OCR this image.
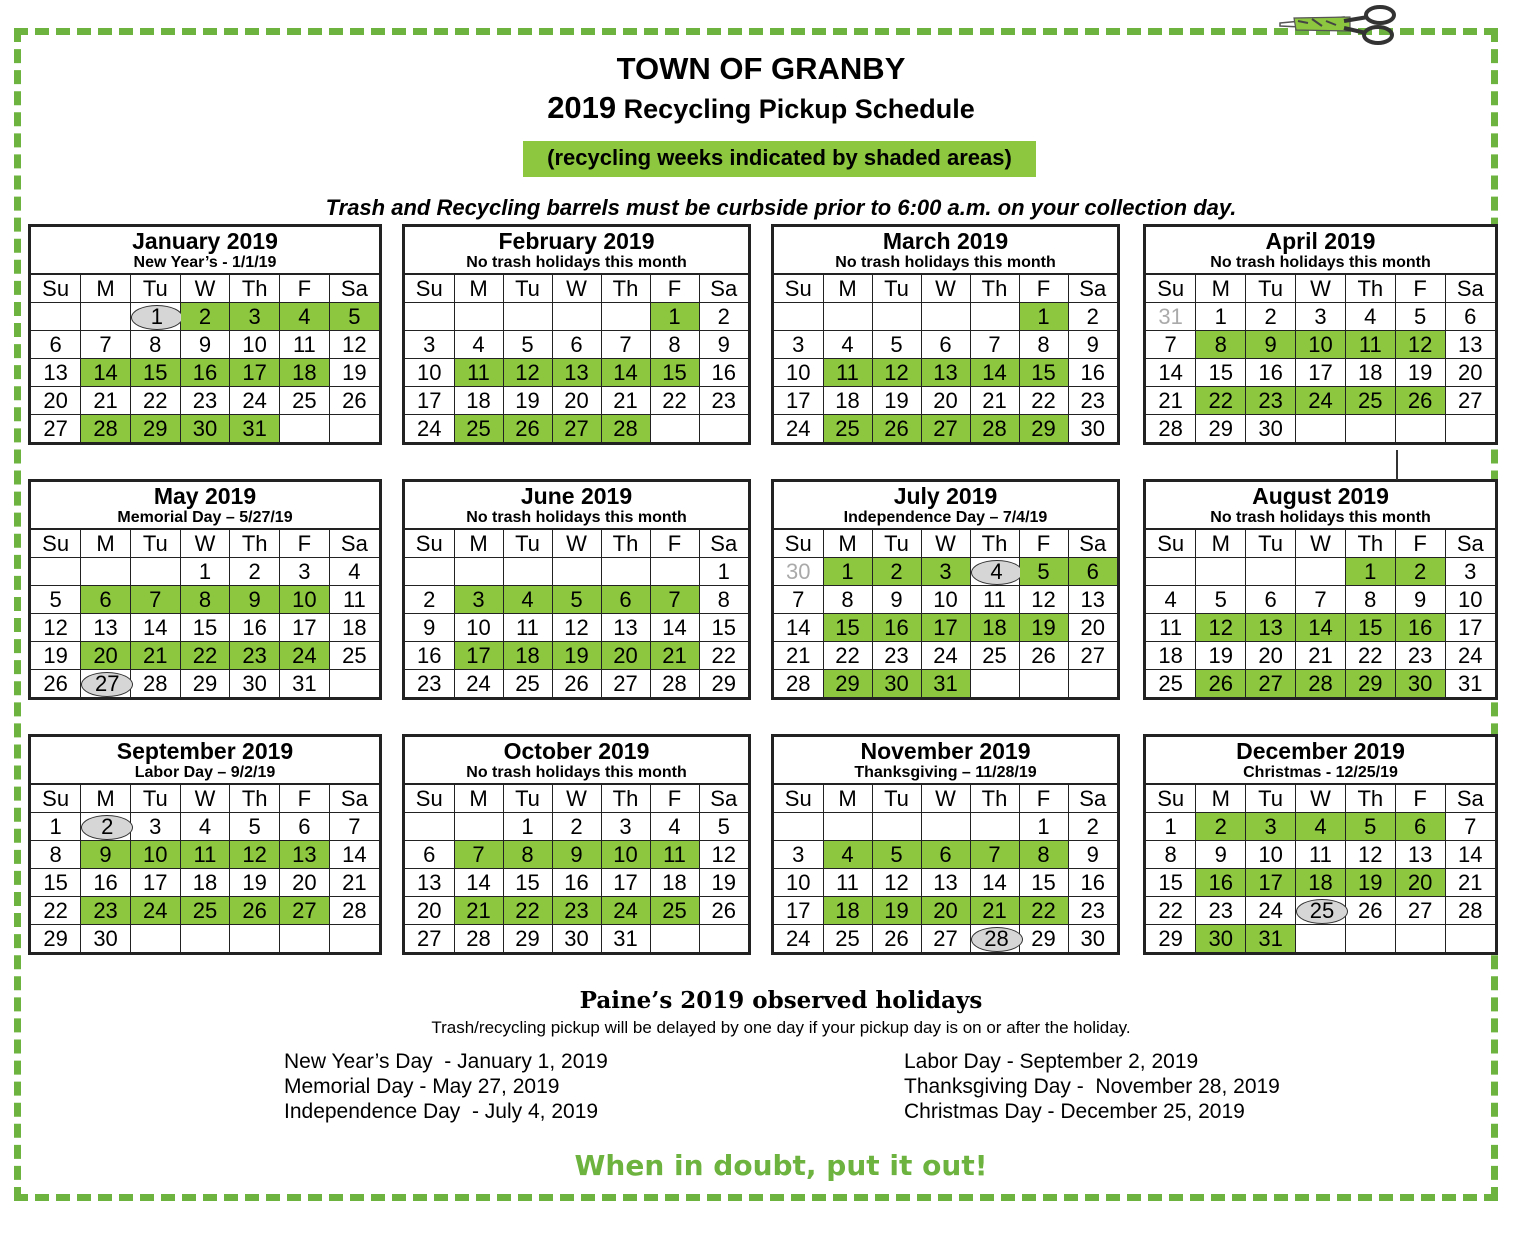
TOWN OF GRANBY
2019 Recycling Pickup Schedule
(recycling weeks indicated by shaded areas)
Trash and Recycling barrels must be curbside prior to 6:00 a.m. on your collection day.
January 2019
New Year’s - 1/1/19
Su	M	Tu	W	Th	F	Sa
		1	2	3	4	5
6	7	8	9	10	11	12
13	14	15	16	17	18	19
20	21	22	23	24	25	26
27	28	29	30	31		
February 2019
No trash holidays this month
Su	M	Tu	W	Th	F	Sa
					1	2
3	4	5	6	7	8	9
10	11	12	13	14	15	16
17	18	19	20	21	22	23
24	25	26	27	28		
March 2019
No trash holidays this month
Su	M	Tu	W	Th	F	Sa
					1	2
3	4	5	6	7	8	9
10	11	12	13	14	15	16
17	18	19	20	21	22	23
24	25	26	27	28	29	30
April 2019
No trash holidays this month
Su	M	Tu	W	Th	F	Sa
31	1	2	3	4	5	6
7	8	9	10	11	12	13
14	15	16	17	18	19	20
21	22	23	24	25	26	27
28	29	30				
May 2019
Memorial Day – 5/27/19
Su	M	Tu	W	Th	F	Sa
			1	2	3	4
5	6	7	8	9	10	11
12	13	14	15	16	17	18
19	20	21	22	23	24	25
26	27	28	29	30	31	
June 2019
No trash holidays this month
Su	M	Tu	W	Th	F	Sa
						1
2	3	4	5	6	7	8
9	10	11	12	13	14	15
16	17	18	19	20	21	22
23	24	25	26	27	28	29
July 2019
Independence Day – 7/4/19
Su	M	Tu	W	Th	F	Sa
30	1	2	3	4	5	6
7	8	9	10	11	12	13
14	15	16	17	18	19	20
21	22	23	24	25	26	27
28	29	30	31			
August 2019
No trash holidays this month
Su	M	Tu	W	Th	F	Sa
				1	2	3
4	5	6	7	8	9	10
11	12	13	14	15	16	17
18	19	20	21	22	23	24
25	26	27	28	29	30	31
September 2019
Labor Day – 9/2/19
Su	M	Tu	W	Th	F	Sa
1	2	3	4	5	6	7
8	9	10	11	12	13	14
15	16	17	18	19	20	21
22	23	24	25	26	27	28
29	30					
October 2019
No trash holidays this month
Su	M	Tu	W	Th	F	Sa
		1	2	3	4	5
6	7	8	9	10	11	12
13	14	15	16	17	18	19
20	21	22	23	24	25	26
27	28	29	30	31		
November 2019
Thanksgiving – 11/28/19
Su	M	Tu	W	Th	F	Sa
					1	2
3	4	5	6	7	8	9
10	11	12	13	14	15	16
17	18	19	20	21	22	23
24	25	26	27	28	29	30
December 2019
Christmas - 12/25/19
Su	M	Tu	W	Th	F	Sa
1	2	3	4	5	6	7
8	9	10	11	12	13	14
15	16	17	18	19	20	21
22	23	24	25	26	27	28
29	30	31				
Paine’s 2019 observed holidays
Trash/recycling pickup will be delayed by one day if your pickup day is on or after the holiday.
New Year’s Day  - January 1, 2019
Memorial Day - May 27, 2019
Independence Day  - July 4, 2019
Labor Day - September 2, 2019
Thanksgiving Day -  November 28, 2019
Christmas Day - December 25, 2019
When in doubt, put it out!
